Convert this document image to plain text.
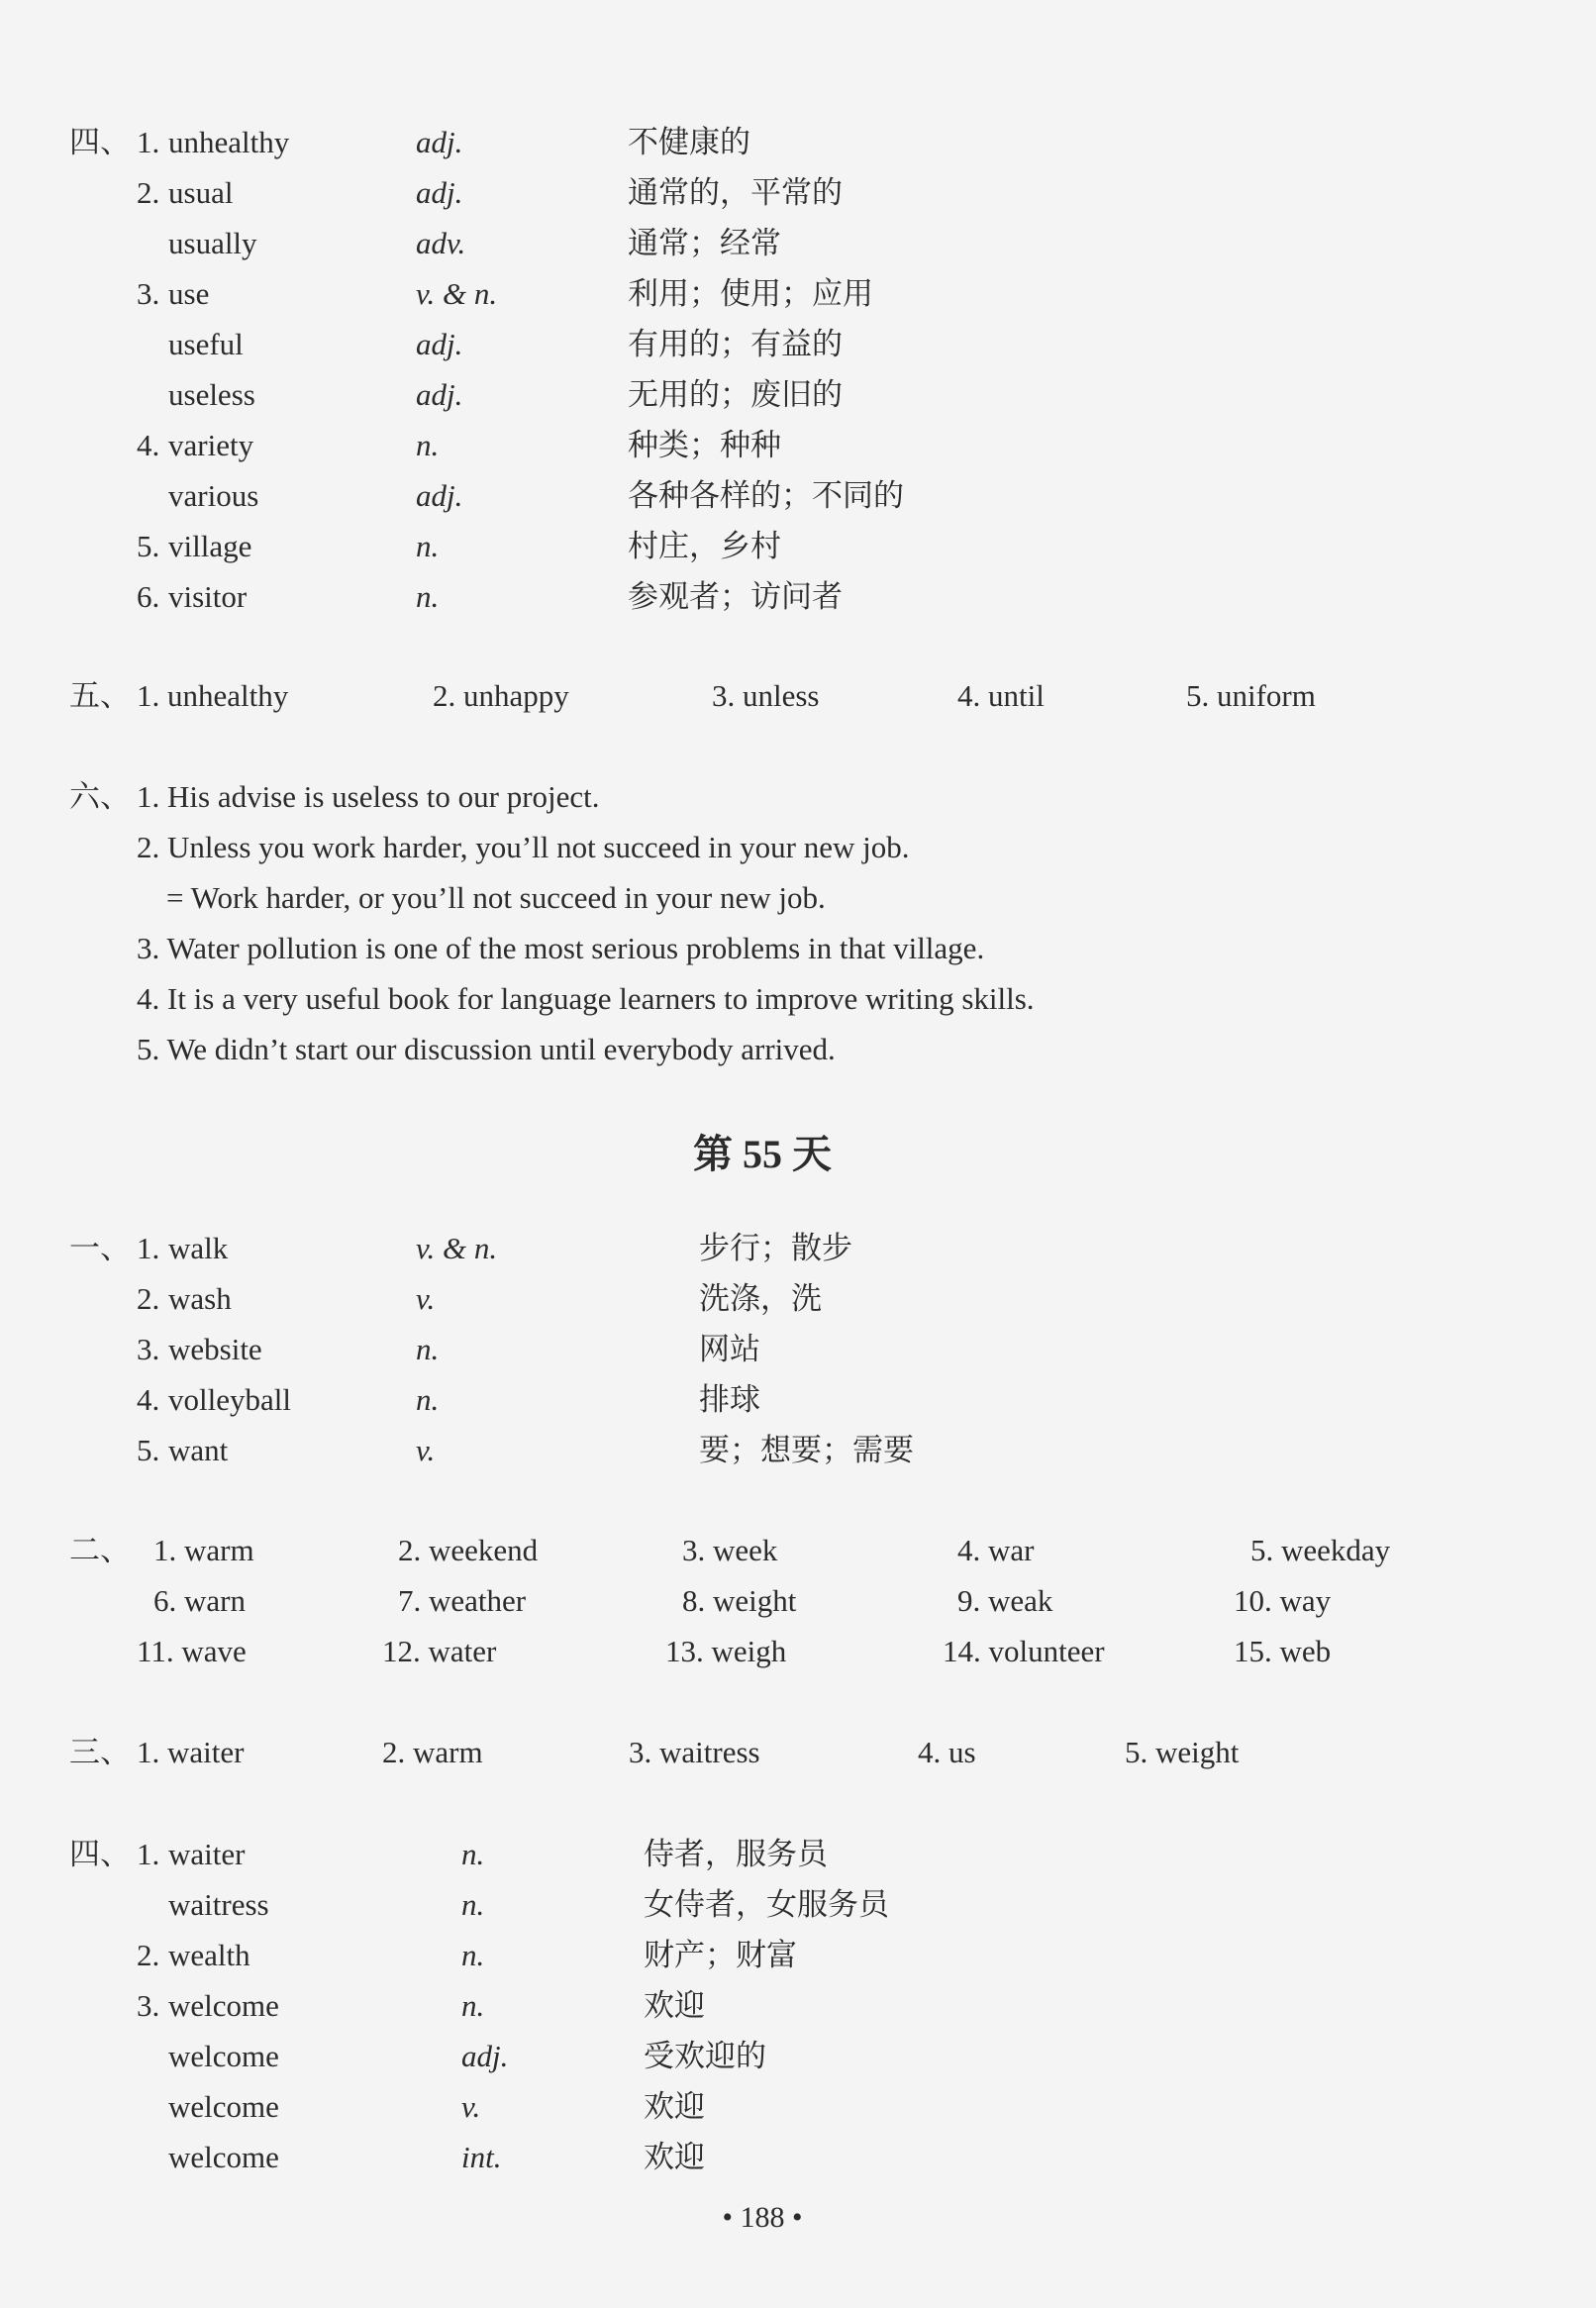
四、 1. unhealthy	adj.	不健康的
2. usual	adj.	通常的，平常的
usually	adv.	通常；经常
3. use	v. & n.	利用；使用；应用
useful	adj.	有用的；有益的
useless	adj.	无用的；废旧的
4. variety	n.	种类；种种
various	adj.	各种各样的；不同的
5. village	n.	村庄，乡村
6. visitor	n.	参观者；访问者
五、 1. unhealthy	2. unhappy	3. unless	4. until	5. uniform
六、 1. His advise is useless to our project.
2. Unless you work harder, you’ll not succeed in your new job.
= Work harder, or you’ll not succeed in your new job.
3. Water pollution is one of the most serious problems in that village.
4. It is a very useful book for language learners to improve writing skills.
5. We didn’t start our discussion until everybody arrived.
第 55 天
一、 1. walk	v. & n.	步行；散步
2. wash	v.	洗涤，洗
3. website	n.	网站
4. volleyball	n.	排球
5. want	v.	要；想要；需要
二、 1. warm	2. weekend	3. week	4. war	5. weekday
6. warn	7. weather	8. weight	9. weak	10. way
11. wave	12. water	13. weigh	14. volunteer	15. web
三、 1. waiter	2. warm	3. waitress	4. us	5. weight
四、 1. waiter	n.	侍者，服务员
waitress	n.	女侍者，女服务员
2. wealth	n.	财产；财富
3. welcome	n.	欢迎
welcome	adj.	受欢迎的
welcome	v.	欢迎
welcome	int.	欢迎
• 188 •
